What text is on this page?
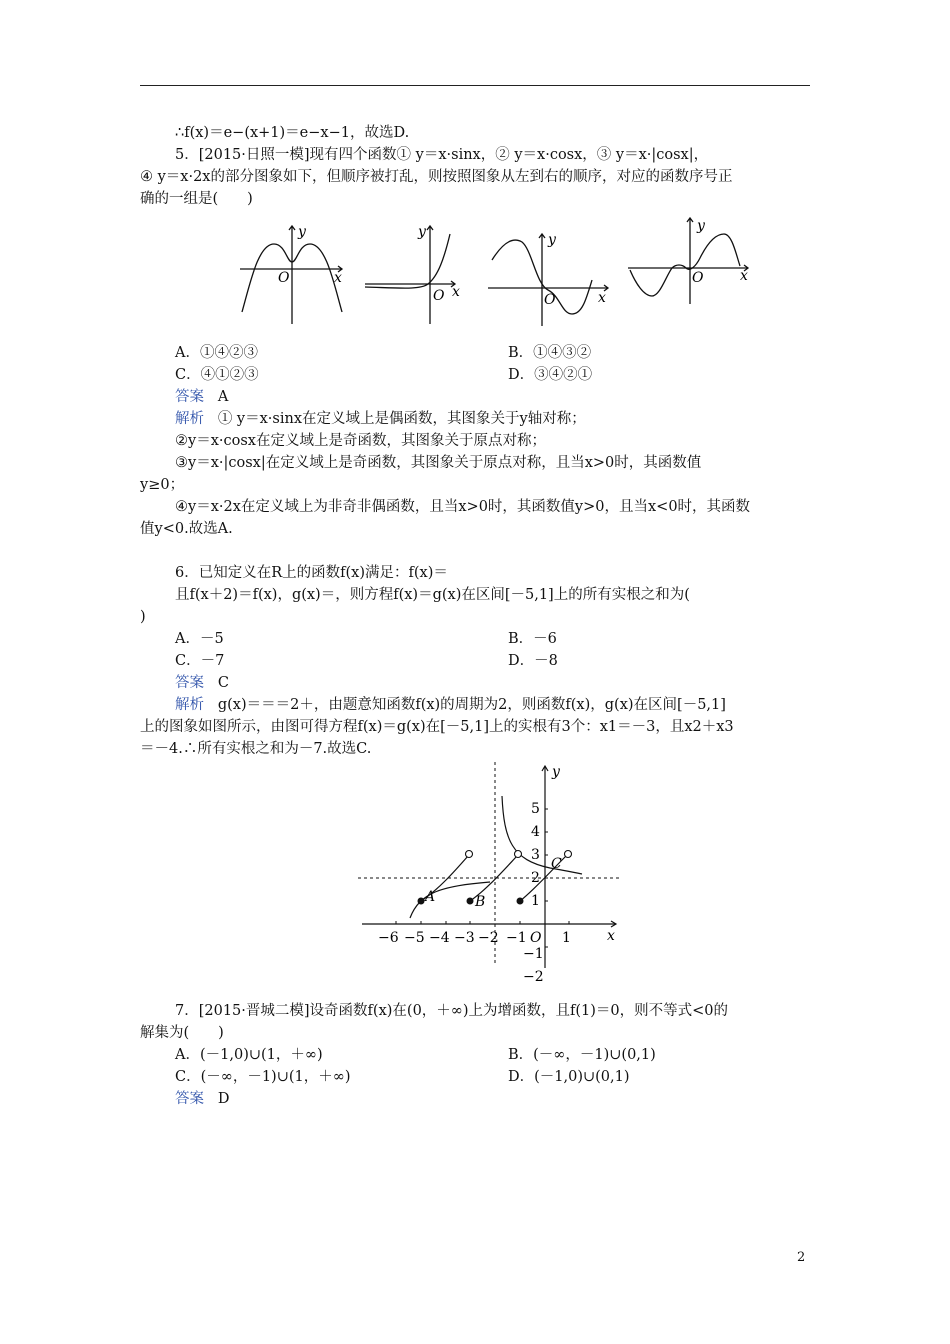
∴f(x)＝e−(x+1)＝e−x−1，故选D.
5．[2015·日照一模]现有四个函数① y＝x·sinx，② y＝x·cosx，③ y＝x·|cosx|，
④ y＝x·2x的部分图象如下，但顺序被打乱，则按照图象从左到右的顺序，对应的函数序号正
确的一组是(　　)
y
O	x
y
O x
y
O	x
y
O	x
A．①④②③	B．①④③②
C．④①②③	D．③④②①
答案 A
解析 ① y＝x·sinx在定义域上是偶函数，其图象关于y轴对称；
②y＝x·cosx在定义域上是奇函数，其图象关于原点对称；
③y＝x·|cosx|在定义域上是奇函数，其图象关于原点对称，且当x>0时，其函数值
y≥0；
④y＝x·2x在定义域上为非奇非偶函数，且当x>0时，其函数值y>0，且当x<0时，其函数
值y<0.故选A.
6．已知定义在R上的函数f(x)满足：f(x)＝
且f(x＋2)＝f(x)，g(x)＝，则方程f(x)＝g(x)在区间[－5,1]上的所有实根之和为(
)
A．－5	B．－6
C．－7	D．－8
答案 C
解析 g(x)＝＝＝2＋，由题意知函数f(x)的周期为2，则函数f(x)，g(x)在区间[－5,1]
上的图象如图所示，由图可得方程f(x)＝g(x)在[－5,1]上的实根有3个：x1＝－3，且x2＋x3
＝－4.∴所有实根之和为－7.故选C.
−6 −5 −4 −3 −2 −1 O 1
5
4
3
2
1
−1
−2
x
y
A	B
C
7．[2015·晋城二模]设奇函数f(x)在(0，＋∞)上为增函数，且f(1)＝0，则不等式<0的
解集为(　　)
A．(－1,0)∪(1，＋∞)	B．(－∞，－1)∪(0,1)
C．(－∞，－1)∪(1，＋∞)	D．(－1,0)∪(0,1)
答案 D
2
